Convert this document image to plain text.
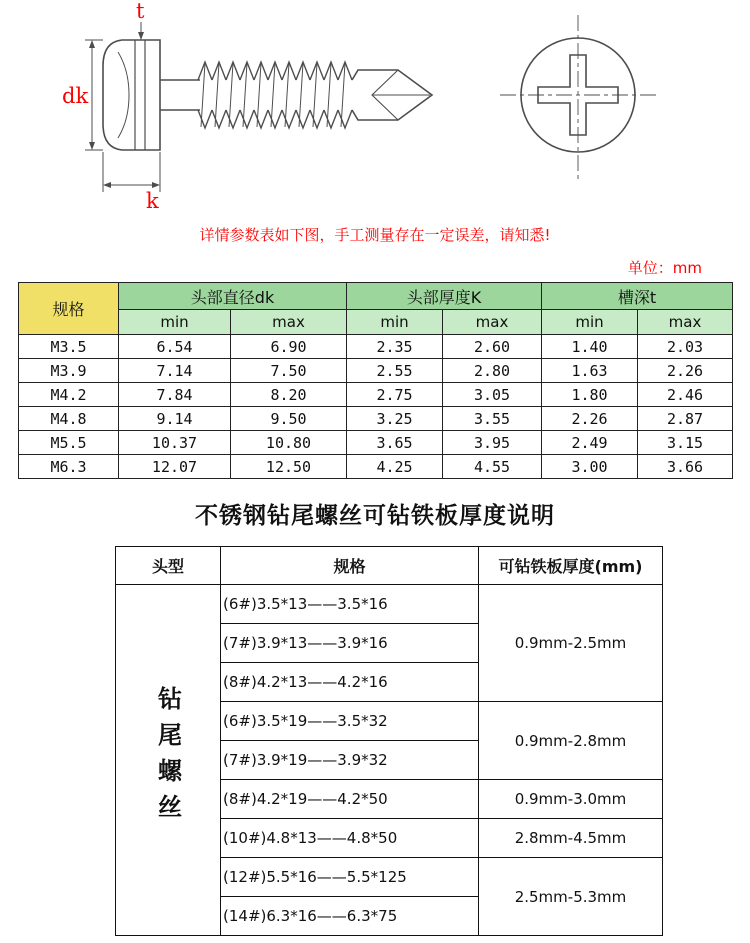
t
dk
k
详情参数表如下图，手工测量存在一定误差，请知悉!
单位：mm
规格	头部直径dk		头部厚度K		槽深t	
	min	max	min	max	min	max
M3.5	6.54	6.90	2.35	2.60	1.40	2.03
M3.9	7.14	7.50	2.55	2.80	1.63	2.26
M4.2	7.84	8.20	2.75	3.05	1.80	2.46
M4.8	9.14	9.50	3.25	3.55	2.26	2.87
M5.5	10.37	10.80	3.65	3.95	2.49	3.15
M6.3	12.07	12.50	4.25	4.55	3.00	3.66
不锈钢钻尾螺丝可钻铁板厚度说明
头型	规格	可钻铁板厚度(mm)
钻尾螺丝	(6#)3.5*13——3.5*16	0.9mm-2.5mm
	(7#)3.9*13——3.9*16	
	(8#)4.2*13——4.2*16	
	(6#)3.5*19——3.5*32	0.9mm-2.8mm
	(7#)3.9*19——3.9*32	
	(8#)4.2*19——4.2*50	0.9mm-3.0mm
	(10#)4.8*13——4.8*50	2.8mm-4.5mm
	(12#)5.5*16——5.5*125	2.5mm-5.3mm
	(14#)6.3*16——6.3*75	
